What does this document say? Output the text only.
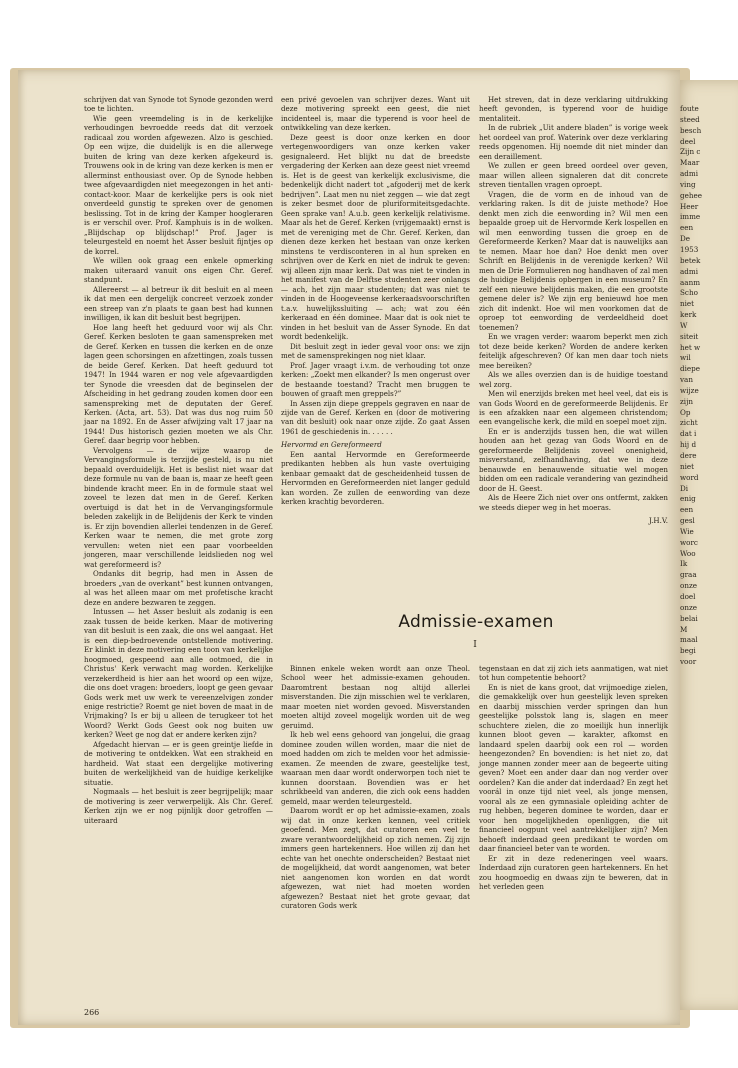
foute
steed
besch
deel
Zijn c
Maar
admi
ving
gehee
Heer
imme
een
De
1953
betek
admi
aanm
Scho
niet
kerk
W
siteit
het w
wil
diepe
van
wijze
zijn
Op
zicht
dat i
hij d
dere
niet
word
Di
enig
een
gesl
Wie
worc
Woo
Ik
graa
onze
doel
onze
belai
M
maal
begi
voor

schrijven dat van Synode tot Synode gezonden werd toe te lichten.

Wie geen vreemdeling is in de kerkelijke verhoudingen bevroedde reeds dat dit verzoek radicaal zou worden afgewezen. Alzo is geschied. Op een wijze, die duidelijk is en die allerwege buiten de kring van deze kerken afgekeurd is. Trouwens ook in de kring van deze kerken is men er allerminst enthousiast over. Op de Synode hebben twee afgevaardigden niet meegezongen in het anti-contact-koor. Maar de kerkelijke pers is ook niet onverdeeld gunstig te spreken over de genomen beslissing. Tot in de kring der Kamper hoogleraren is er verschil over. Prof. Kamphuis is in de wolken. „Blijdschap op blijdschap!” Prof. Jager is teleurgesteld en noemt het Asser besluit fijntjes op de korrel.

We willen ook graag een enkele opmerking maken uiteraard vanuit ons eigen Chr. Geref. standpunt.

Allereerst — al betreur ik dit besluit en al meen ik dat men een dergelijk concreet verzoek zonder een streep van z'n plaats te gaan best had kunnen inwilligen, ik kan dit besluit best begrijpen.

Hoe lang heeft het geduurd voor wij als Chr. Geref. Kerken besloten te gaan samenspreken met de Geref. Kerken en tussen die kerken en de onze lagen geen schorsingen en afzettingen, zoals tussen de beide Geref. Kerken. Dat heeft geduurd tot 1947! In 1944 waren er nog vele afgevaardigden ter Synode die vreesden dat de beginselen der Afscheiding in het gedrang zouden komen door een samenspreking met de deputaten der Geref. Kerken. (Acta, art. 53). Dat was dus nog ruim 50 jaar na 1892. En de Asser afwijzing valt 17 jaar na 1944! Dus historisch gezien moeten we als Chr. Geref. daar begrip voor hebben.

Vervolgens — de wijze waarop de Vervangingsformule is terzijde gesteld, is nu niet bepaald overduidelijk. Het is beslist niet waar dat deze formule nu van de baan is, maar ze heeft geen bindende kracht meer. En in de formule staat wel zoveel te lezen dat men in de Geref. Kerken overtuigd is dat het in de Vervangingsformule beleden zakelijk in de Belijdenis der Kerk te vinden is. Er zijn bovendien allerlei tendenzen in de Geref. Kerken waar te nemen, die met grote zorg vervullen: weten niet een paar voorbeelden jongeren, maar verschillende leidslieden nog wel wat gereformeerd is?

Ondanks dit begrip, had men in Assen de broeders „van de overkant” best kunnen ontvangen, al was het alleen maar om met profetische kracht deze en andere bezwaren te zeggen.

Intussen — het Asser besluit als zodanig is een zaak tussen de beide kerken. Maar de motivering van dit besluit is een zaak, die ons wel aangaat. Het is een diep-bedroevende ontstellende motivering. Er klinkt in deze motivering een toon van kerkelijke hoogmoed, gespeend aan alle ootmoed, die in Christus' Kerk verwacht mag worden. Kerkelijke verzekerdheid is hier aan het woord op een wijze, die ons doet vragen: broeders, loopt ge geen gevaar Gods werk met uw werk te vereenzelvigen zonder enige restrictie? Roemt ge niet boven de maat in de Vrijmaking? Is er bij u alleen de terugkeer tot het Woord? Werkt Gods Geest ook nog buiten uw kerken? Weet ge nog dat er andere kerken zijn?

Afgedacht hiervan — er is geen greintje liefde in de motivering te ontdekken. Wat een strakheid en hardheid. Wat staat een dergelijke motivering buiten de werkelijkheid van de huidige kerkelijke situatie.

Nogmaals — het besluit is zeer begrijpelijk; maar de motivering is zeer verwerpelijk. Als Chr. Geref. Kerken zijn we er nog pijnlijk door getroffen — uiteraard

een privé gevoelen van schrijver dezes. Want uit deze motivering spreekt een geest, die niet incidenteel is, maar die typerend is voor heel de ontwikkeling van deze kerken.

Deze geest is door onze kerken en door vertegenwoordigers van onze kerken vaker gesignaleerd. Het blijkt nu dat de breedste vergadering der Kerken aan deze geest niet vreemd is. Het is de geest van kerkelijk exclusivisme, die bedenkelijk dicht nadert tot „afgoderij met de kerk bedrijven”. Laat men nu niet zeggen — wie dat zegt is zeker besmet door de pluriformiteitsgedachte. Geen sprake van! A.u.b. geen kerkelijk relativisme. Maar als het de Geref. Kerken (vrijgemaakt) ernst is met de vereniging met de Chr. Geref. Kerken, dan dienen deze kerken het bestaan van onze kerken minstens te verdisconteren in al hun spreken en schrijven over de Kerk en niet de indruk te geven: wij alleen zijn maar kerk. Dat was niet te vinden in het manifest van de Delftse studenten zeer onlangs — ach, het zijn maar studenten; dat was niet te vinden in de Hoogeveense kerkeraadsvoorschriften t.a.v. huwelijkssluiting — ach; wat zou één kerkeraad en één dominee. Maar dat is ook niet te vinden in het besluit van de Asser Synode. En dat wordt bedenkelijk.

Dit besluit zegt in ieder geval voor ons: we zijn met de samensprekingen nog niet klaar.

Prof. Jager vraagt i.v.m. de verhouding tot onze kerken: „Zoekt men elkander? Is men ongerust over de bestaande toestand? Tracht men bruggen te bouwen of graaft men greppels?”

In Assen zijn diepe greppels gegraven en naar de zijde van de Geref. Kerken en (door de motivering van dit besluit) ook naar onze zijde. Zo gaat Assen 1961 de geschiedenis in. . . . . .

Hervormd en Gereformeerd

Een aantal Hervormde en Gereformeerde predikanten hebben als hun vaste overtuiging kenbaar gemaakt dat de gescheidenheid tussen de Hervormden en Gereformeerden niet langer geduld kan worden. Ze zullen de eenwording van deze kerken krachtig bevorderen.

Het streven, dat in deze verklaring uitdrukking heeft gevonden, is typerend voor de huidige mentaliteit.

In de rubriek „Uit andere bladen” is vorige week het oordeel van prof. Waterink over deze verklaring reeds opgenomen. Hij noemde dit niet minder dan een deraillement.

We zullen er geen breed oordeel over geven, maar willen alleen signaleren dat dit concrete streven tientallen vragen oproept.

Vragen, die de vorm en de inhoud van de verklaring raken. Is dit de juiste methode? Hoe denkt men zich die eenwording in? Wil men een bepaalde groep uit de Hervormde Kerk lospellen en wil men eenwording tussen die groep en de Gereformeerde Kerken? Maar dat is nauwelijks aan te nemen. Maar hoe dan? Hoe denkt men over Schrift en Belijdenis in de verenigde kerken? Wil men de Drie Formulieren nog handhaven of zal men de huidige Belijdenis opbergen in een museum? En zelf een nieuwe belijdenis maken, die een grootste gemene deler is? We zijn erg benieuwd hoe men zich dit indenkt. Hoe wil men voorkomen dat de oproep tot eenwording de verdeeldheid doet toenemen?

En we vragen verder: waarom beperkt men zich tot deze beide kerken? Worden de andere kerken feitelijk afgeschreven? Of kan men daar toch niets mee bereiken?

Als we alles overzien dan is de huidige toestand wel zorg.

Men wil enerzijds breken met heel veel, dat eis is van Gods Woord en de gereformeerde Belijdenis. Er is een afzakken naar een algemeen christendom; een evangelische kerk, die mild en soepel moet zijn.

En er is anderzijds tussen hen, die wat willen houden aan het gezag van Gods Woord en de gereformeerde Belijdenis zoveel onenigheid, misverstand, zelfhandhaving, dat we in deze benauwde en benauwende situatie wel mogen bidden om een radicale verandering van gezindheid door de H. Geest.

Als de Heere Zich niet over ons ontfermt, zakken we steeds dieper weg in het moeras.

J.H.V.

Admissie-examen
I

Binnen enkele weken wordt aan onze Theol. School weer het admissie-examen gehouden. Daaromtrent bestaan nog altijd allerlei misverstanden. Die zijn misschien wel te verklaren, maar moeten niet worden gevoed. Misverstanden moeten altijd zoveel mogelijk worden uit de weg geruimd.

Ik heb wel eens gehoord van jongelui, die graag dominee zouden willen worden, maar die niet de moed hadden om zich te melden voor het admissie-examen. Ze meenden de zware, geestelijke test, waaraan men daar wordt onderworpen toch niet te kunnen doorstaan. Bovendien was er het schrikbeeld van anderen, die zich ook eens hadden gemeld, maar werden teleurgesteld.

Daarom wordt er op het admissie-examen, zoals wij dat in onze kerken kennen, veel critiek geoefend. Men zegt, dat curatoren een veel te zware verantwoordelijkheid op zich nemen. Zij zijn immers geen hartekenners. Hoe willen zij dan het echte van het onechte onderscheiden? Bestaat niet de mogelijkheid, dat wordt aangenomen, wat beter niet aangenomen kon worden en dat wordt afgewezen, wat niet had moeten worden afgewezen? Bestaat niet het grote gevaar, dat curatoren Gods werk

tegenstaan en dat zij zich iets aanmatigen, wat niet tot hun competentie behoort?

En is niet de kans groot, dat vrijmoedige zielen, die gemakkelijk over hun geestelijk leven spreken en daarbij misschien verder springen dan hun geestelijke polsstok lang is, slagen en meer schuchtere zielen, die zo moeilijk hun innerlijk kunnen bloot geven — karakter, afkomst en landaard spelen daarbij ook een rol — worden heengezonden? En bovendien: is het niet zo, dat jonge mannen zonder meer aan de begeerte uiting geven? Moet een ander daar dan nog verder over oordelen? Kan die ander dat inderdaad? En zegt het voorál in onze tijd niet veel, als jonge mensen, vooral als ze een gymnasiale opleiding achter de rug hebben, begeren dominee te worden, daar er voor hen mogelijkheden openliggen, die uit financieel oogpunt veel aantrekkelijker zijn? Men behoeft inderdaad geen predikant te worden om daar financieel beter van te worden.

Er zit in deze redeneringen veel waars. Inderdaad zijn curatoren geen hartekenners. En het zou hoogmoedig en dwaas zijn te beweren, dat in het verleden geen

266
